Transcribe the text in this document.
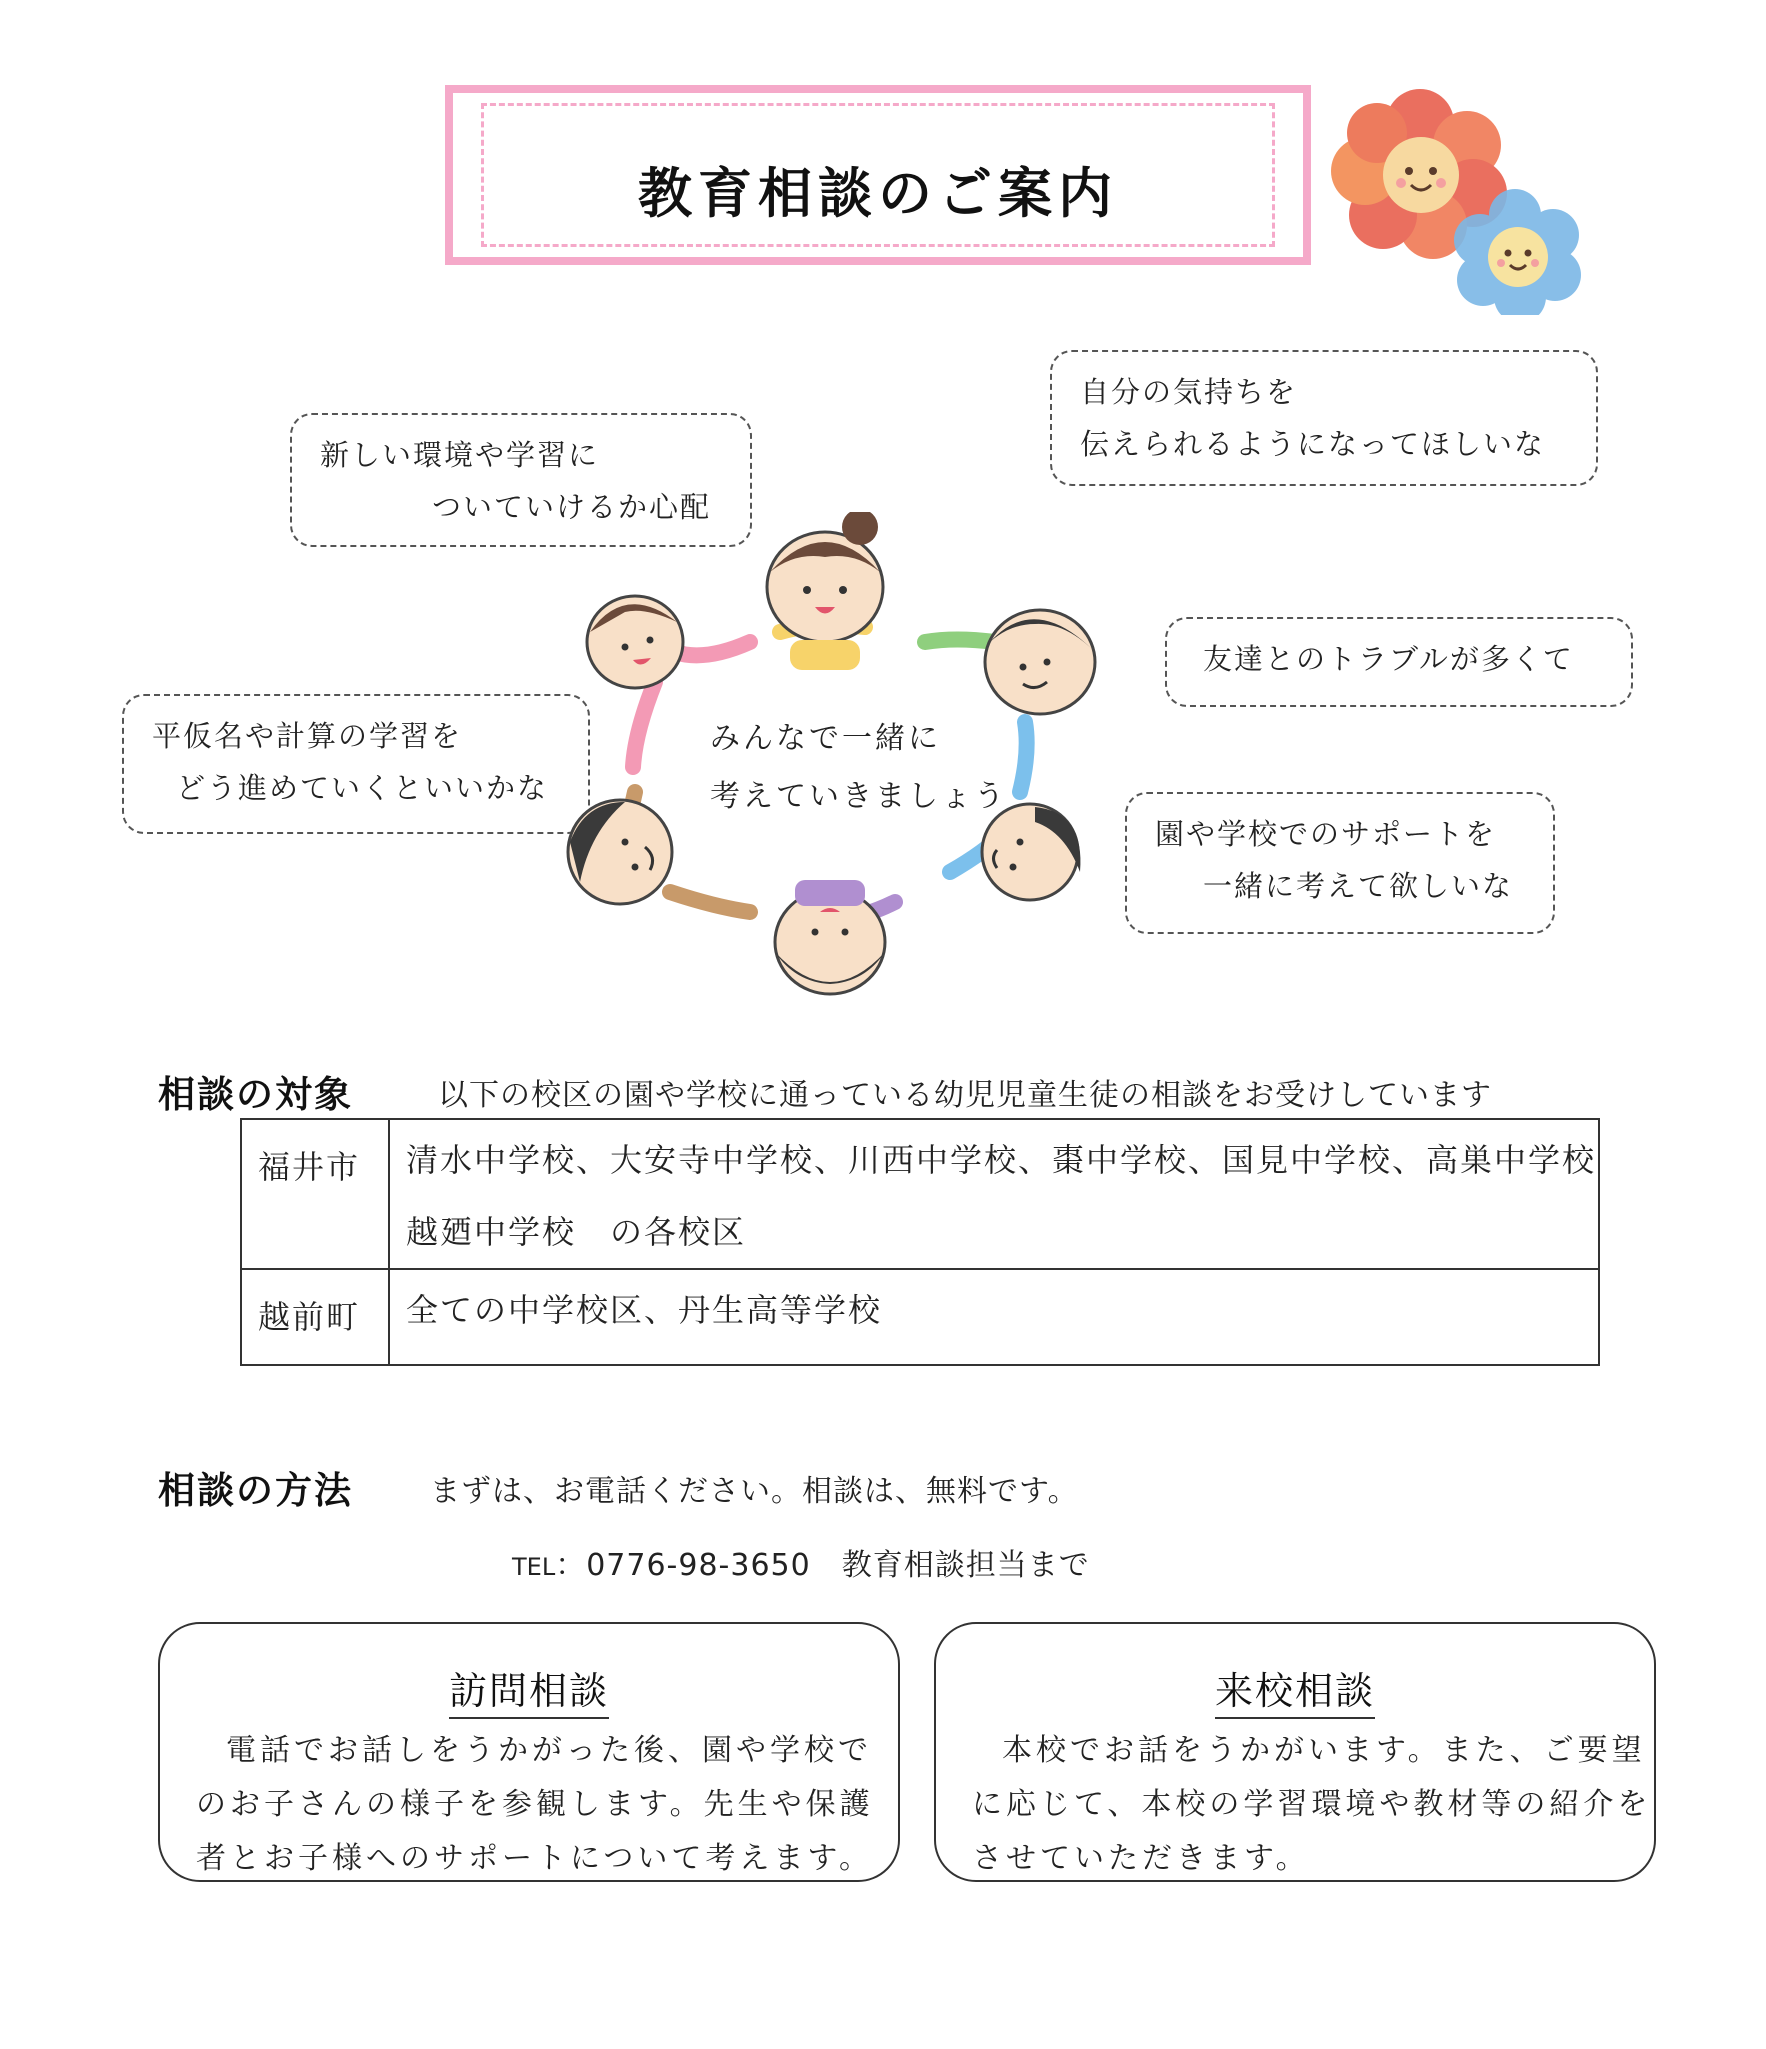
教育相談のご案内
新しい環境や学習に
ついていけるか心配
自分の気持ちを
伝えられるようになってほしいな
友達とのトラブルが多くて
平仮名や計算の学習を
どう進めていくといいかな
園や学校でのサポートを
一緒に考えて欲しいな
みんなで一緒に
考えていきましょう
相談の対象	以下の校区の園や学校に通っている幼児児童生徒の相談をお受けしています
福井市	清水中学校、大安寺中学校、川西中学校、棗中学校、国見中学校、高巣中学校
越廼中学校　の各校区

越前町	全ての中学校区、丹生高等学校
相談の方法	まずは、お電話ください。相談は、無料です。
TEL：0776-98-3650　教育相談担当まで
訪問相談
電話でお話しをうかがった後、園や学校で
のお子さんの様子を参観します。先生や保護
者とお子様へのサポートについて考えます。
来校相談
本校でお話をうかがいます。また、ご要望
に応じて、本校の学習環境や教材等の紹介を
させていただきます。
